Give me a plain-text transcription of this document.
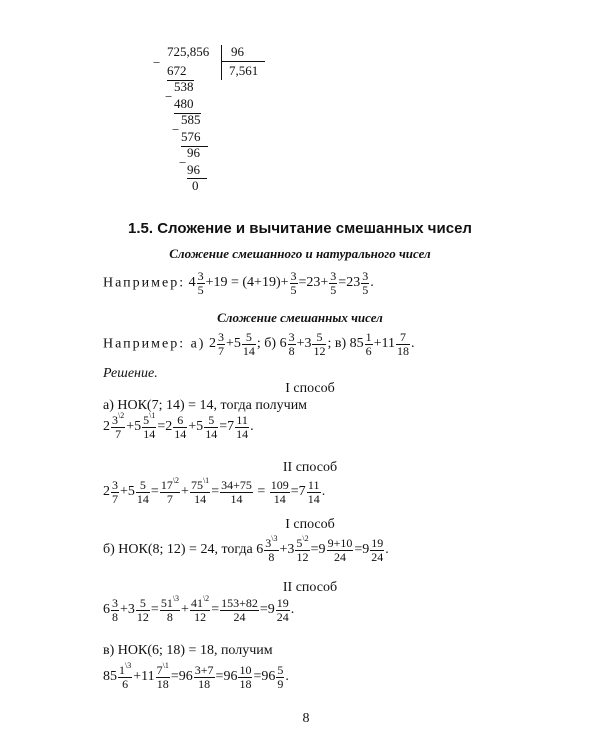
−
725,856 96
7,561
672
−
538
480
−
585
576
−
96
96
0
1.5. Сложение и вычитание смешанных чисел
Сложение смешанного и натурального чисел
Например: $4 \frac{3}{5} +19 = (4+19)+ \frac{3}{5} =23+ \frac{3}{5} =23 \frac{3}{5}$ .
Сложение смешанных чисел
Например: а) $2 \frac{3}{7} +5 \frac{5}{14}$ ; б) $6 \frac{3}{8} +3 \frac{5}{12}$ ; в) $85 \frac{1}{6} +11 \frac{7}{18}$ .
Решение.
I способ
а) НОК(7; 14) = 14, тогда получим
$2 \frac{3^{\backslash 2}}{7} +5 \frac{5^{\backslash 1}}{14} =2 \frac{6}{14} +5 \frac{5}{14} =7 \frac{11}{14}$ .
II способ
$2 \frac{3}{7} +5 \frac{5}{14} = \frac{17^{\backslash 2}}{7} + \frac{75^{\backslash 1}}{14} = \frac{34+75}{14} = \frac{109}{14} =7 \frac{11}{14}$ .
I способ
б) НОК(8; 12) = 24, тогда $6 \frac{3^{\backslash 3}}{8} +3 \frac{5^{\backslash 2}}{12} =9 \frac{9+10}{24} =9 \frac{19}{24}$ .
II способ
$6 \frac{3}{8} +3 \frac{5}{12} = \frac{51^{\backslash 3}}{8} + \frac{41^{\backslash 2}}{12} = \frac{153+82}{24} =9 \frac{19}{24}$ .
в) НОК(6; 18) = 18, получим
$85 \frac{1^{\backslash 3}}{6} +11 \frac{7^{\backslash 1}}{18} =96 \frac{3+7}{18} =96 \frac{10}{18} =96 \frac{5}{9}$ .
8
